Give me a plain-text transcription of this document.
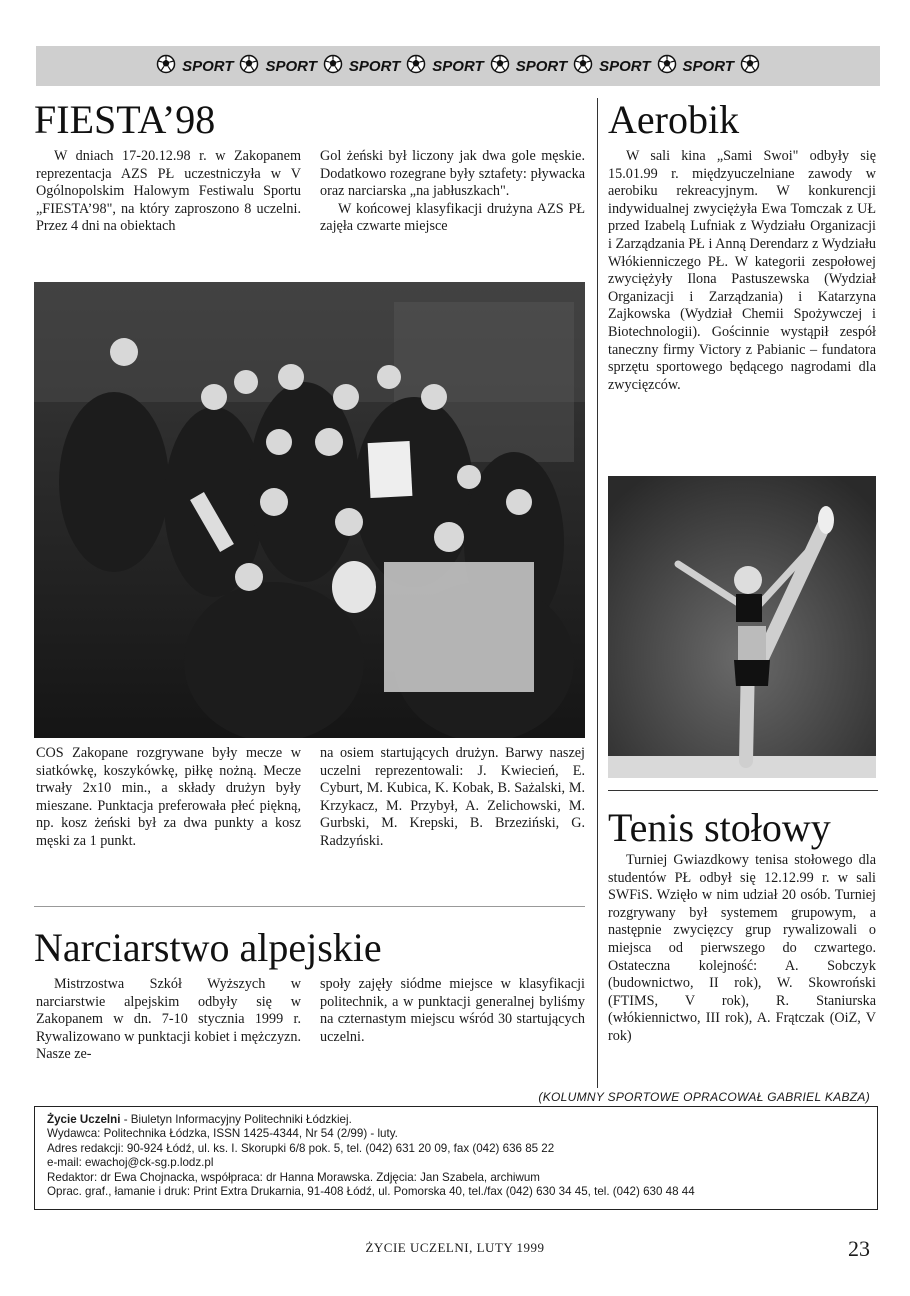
SPORT SPORT SPORT SPORT SPORT SPORT SPORT
FIESTA’98

W dniach 17-20.12.98 r. w Zakopanem reprezentacja AZS PŁ uczestniczyła w V Ogólnopolskim Halowym Festiwalu Sportu „FIESTA’98", na który zaproszono 8 uczelni. Przez 4 dni na obiektach

Gol żeński był liczony jak dwa gole męskie. Dodatkowo rozegrane były sztafety: pływacka oraz narciarska „na jabłuszkach".

W końcowej klasyfikacji drużyna AZS PŁ zajęła czwarte miejsce

COS Zakopane rozgrywane były mecze w siatkówkę, koszykówkę, piłkę nożną. Mecze trwały 2x10 min., a składy drużyn były mieszane. Punktacja preferowała płeć piękną, np. kosz żeński był za dwa punkty a kosz męski za 1 punkt.

na osiem startujących drużyn. Barwy naszej uczelni reprezentowali: J. Kwiecień, E. Cyburt, M. Kubica, K. Kobak, B. Sażalski, M. Krzykacz, M. Przybył, A. Zelichowski, M. Gurbski, M. Krepski, B. Brzeziński, G. Radzyński.

Aerobik

W sali kina „Sami Swoi" odbyły się 15.01.99 r. międzyuczelniane zawody w aerobiku rekreacyjnym. W konkurencji indywidualnej zwyciężyła Ewa Tomczak z UŁ przed Izabelą Lufniak z Wydziału Organizacji i Zarządzania PŁ i Anną Derendarz z Wydziału Włókienniczego PŁ. W kategorii zespołowej zwyciężyły Ilona Pastuszewska (Wydział Organizacji i Zarządzania) i Katarzyna Zajkowska (Wydział Chemii Spożywczej i Biotechnologii). Gościnnie wystąpił zespół taneczny firmy Victory z Pabianic – fundatora sprzętu sportowego będącego nagrodami dla zwycięzców.

Tenis stołowy

Turniej Gwiazdkowy tenisa stołowego dla studentów PŁ odbył się 12.12.99 r. w sali SWFiS. Wzięło w nim udział 20 osób. Turniej rozgrywany był systemem grupowym, a następnie zwycięzcy grup rywalizowali o miejsca od pierwszego do czwartego. Ostateczna kolejność: A. Sobczyk (budownictwo, II rok), W. Skowroński (FTIMS, V rok), R. Staniurska (włókiennictwo, III rok), A. Frątczak (OiZ, V rok)

Narciarstwo alpejskie

Mistrzostwa Szkół Wyższych w narciarstwie alpejskim odbyły się w Zakopanem w dn. 7-10 stycznia 1999 r. Rywalizowano w punktacji kobiet i mężczyzn. Nasze ze-

społy zajęły siódme miejsce w klasyfikacji politechnik, a w punktacji generalnej byliśmy na czternastym miejscu wśród 30 startujących uczelni.

(KOLUMNY SPORTOWE OPRACOWAŁ GABRIEL KABZA)
Życie Uczelni - Biuletyn Informacyjny Politechniki Łódzkiej.
Wydawca: Politechnika Łódzka, ISSN 1425-4344, Nr 54 (2/99) - luty.
Adres redakcji: 90-924 Łódź, ul. ks. I. Skorupki 6/8 pok. 5, tel. (042) 631 20 09, fax (042) 636 85 22
e-mail: ewachoj@ck-sg.p.lodz.pl
Redaktor: dr Ewa Chojnacka, współpraca: dr Hanna Morawska. Zdjęcia: Jan Szabela, archiwum
Oprac. graf., łamanie i druk: Print Extra Drukarnia, 91-408 Łódź, ul. Pomorska 40, tel./fax (042) 630 34 45, tel. (042) 630 48 44
ŻYCIE UCZELNI, LUTY 1999	23
